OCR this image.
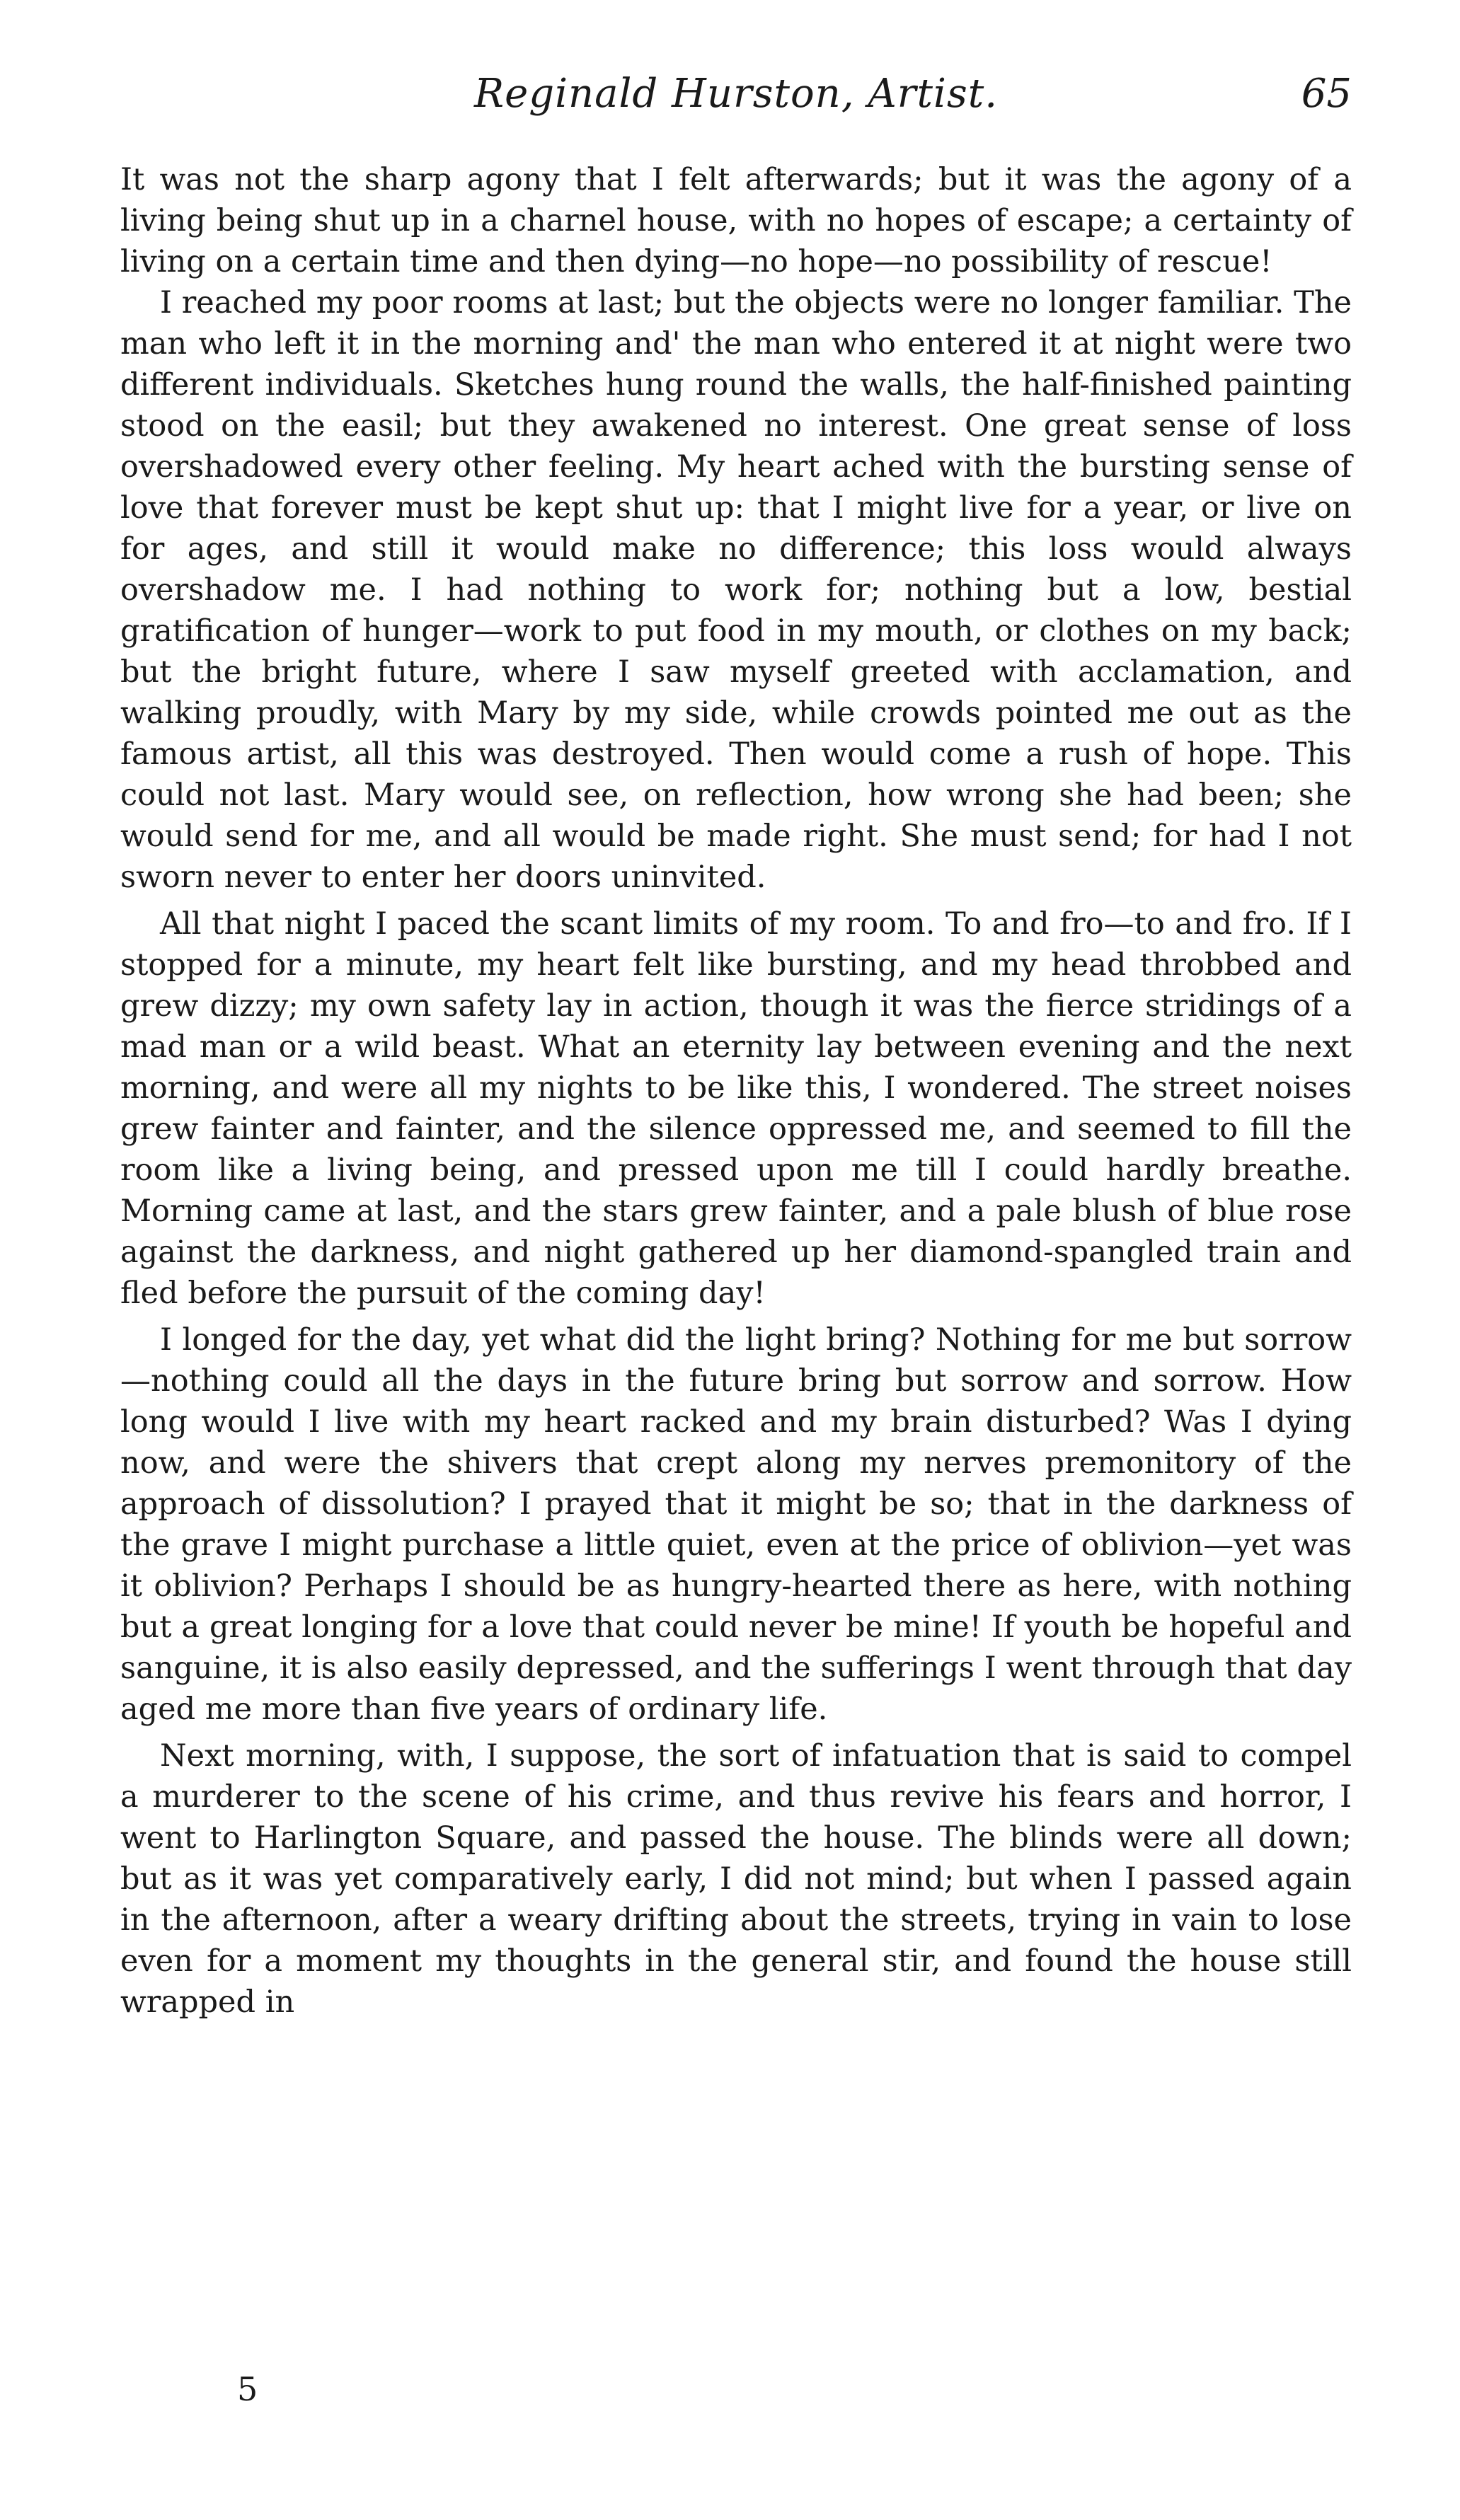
Reginald Hurston, Artist.	65

It was not the sharp agony that I felt afterwards; but it was the agony of a living being shut up in a charnel house, with no hopes of escape; a certainty of living on a certain time and then dying—no hope—no possibility of rescue!

I reached my poor rooms at last; but the objects were no longer familiar. The man who left it in the morning and' the man who entered it at night were two different individuals. Sketches hung round the walls, the half-finished painting stood on the easil; but they awakened no interest. One great sense of loss overshadowed every other feeling. My heart ached with the bursting sense of love that forever must be kept shut up: that I might live for a year, or live on for ages, and still it would make no difference; this loss would always overshadow me. I had nothing to work for; nothing but a low, bestial gratification of hunger—work to put food in my mouth, or clothes on my back; but the bright future, where I saw myself greeted with acclamation, and walking proudly, with Mary by my side, while crowds pointed me out as the famous artist, all this was destroyed. Then would come a rush of hope. This could not last. Mary would see, on reflection, how wrong she had been; she would send for me, and all would be made right. She must send; for had I not sworn never to enter her doors uninvited.

All that night I paced the scant limits of my room. To and fro—to and fro. If I stopped for a minute, my heart felt like bursting, and my head throbbed and grew dizzy; my own safety lay in action, though it was the fierce stridings of a mad man or a wild beast. What an eternity lay between evening and the next morning, and were all my nights to be like this, I wondered. The street noises grew fainter and fainter, and the silence oppressed me, and seemed to fill the room like a living being, and pressed upon me till I could hardly breathe. Morning came at last, and the stars grew fainter, and a pale blush of blue rose against the darkness, and night gathered up her diamond-spangled train and fled before the pursuit of the coming day!

I longed for the day, yet what did the light bring? Nothing for me but sorrow—nothing could all the days in the future bring but sorrow and sorrow. How long would I live with my heart racked and my brain disturbed? Was I dying now, and were the shivers that crept along my nerves premonitory of the approach of dissolution? I prayed that it might be so; that in the darkness of the grave I might purchase a little quiet, even at the price of oblivion—yet was it oblivion? Perhaps I should be as hungry-hearted there as here, with nothing but a great longing for a love that could never be mine! If youth be hopeful and sanguine, it is also easily depressed, and the sufferings I went through that day aged me more than five years of ordinary life.

Next morning, with, I suppose, the sort of infatuation that is said to compel a murderer to the scene of his crime, and thus revive his fears and horror, I went to Harlington Square, and passed the house. The blinds were all down; but as it was yet comparatively early, I did not mind; but when I passed again in the afternoon, after a weary drifting about the streets, trying in vain to lose even for a moment my thoughts in the general stir, and found the house still wrapped in

5
